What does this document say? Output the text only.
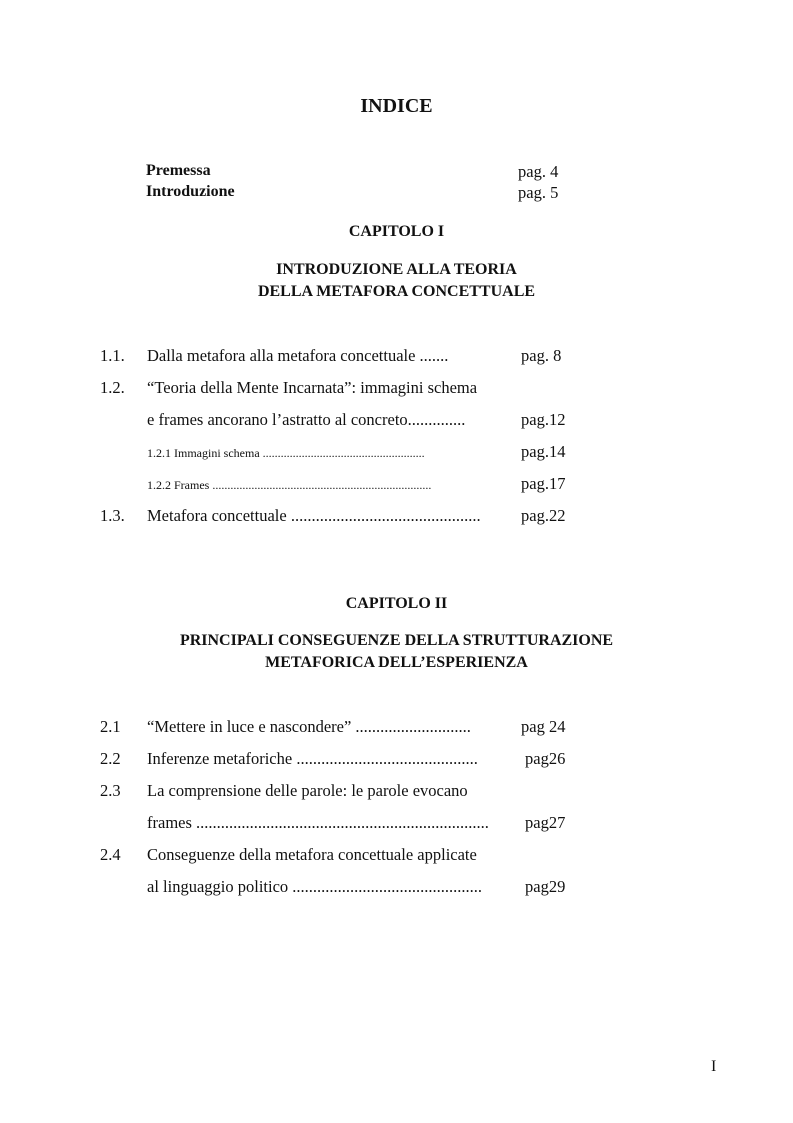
INDICE
Premessa	pag. 4
Introduzione	pag. 5
CAPITOLO I
INTRODUZIONE ALLA TEORIA
DELLA METAFORA CONCETTUALE
1.1. Dalla metafora alla metafora concettuale .......	pag. 8
1.2. “Teoria della Mente Incarnata”: immagini schema
e frames ancorano l’astratto al concreto..............	pag.12
1.2.1 Immagini schema ......................................................	pag.14
1.2.2 Frames .........................................................................	pag.17
1.3. Metafora concettuale .............................................. pag.22
CAPITOLO II
PRINCIPALI CONSEGUENZE DELLA STRUTTURAZIONE
METAFORICA DELL’ESPERIENZA
2.1 “Mettere in luce e nascondere” ............................	pag 24
2.2 Inferenze metaforiche ............................................	pag26
2.3 La comprensione delle parole: le parole evocano
frames ....................................................................... pag27
2.4 Conseguenze della metafora concettuale applicate
al linguaggio politico ..............................................	pag29
I
